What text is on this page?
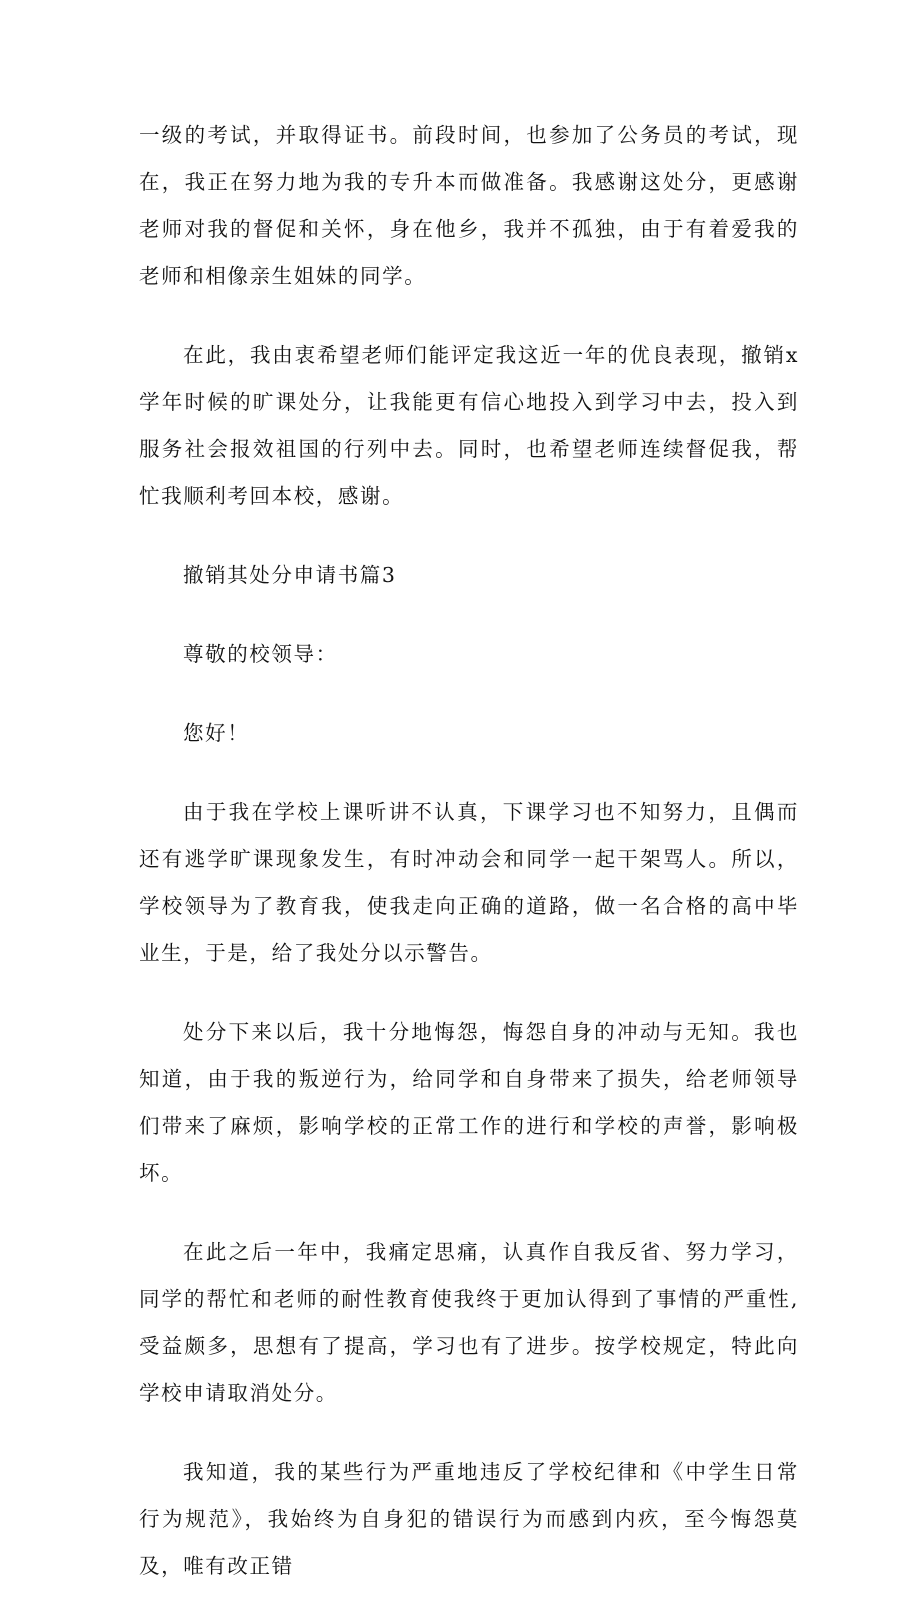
一级的考试，并取得证书。前段时间，也参加了公务员的考试，现在，我正在努力地为我的专升本而做准备。我感谢这处分，更感谢老师对我的督促和关怀，身在他乡，我并不孤独，由于有着爱我的老师和相像亲生姐妹的同学。

在此，我由衷希望老师们能评定我这近一年的优良表现，撤销x学年时候的旷课处分，让我能更有信心地投入到学习中去，投入到服务社会报效祖国的行列中去。同时，也希望老师连续督促我，帮忙我顺利考回本校，感谢。

撤销其处分申请书篇3

尊敬的校领导：

您好！

由于我在学校上课听讲不认真，下课学习也不知努力，且偶而还有逃学旷课现象发生，有时冲动会和同学一起干架骂人。所以，学校领导为了教育我，使我走向正确的道路，做一名合格的高中毕业生，于是，给了我处分以示警告。

处分下来以后，我十分地悔怨，悔怨自身的冲动与无知。我也知道，由于我的叛逆行为，给同学和自身带来了损失，给老师领导们带来了麻烦，影响学校的正常工作的进行和学校的声誉，影响极坏。

在此之后一年中，我痛定思痛，认真作自我反省、努力学习，同学的帮忙和老师的耐性教育使我终于更加认得到了事情的严重性,受益颇多，思想有了提高，学习也有了进步。按学校规定，特此向学校申请取消处分。

我知道，我的某些行为严重地违反了学校纪律和《中学生日常行为规范》，我始终为自身犯的错误行为而感到内疚，至今悔怨莫及，唯有改正错
